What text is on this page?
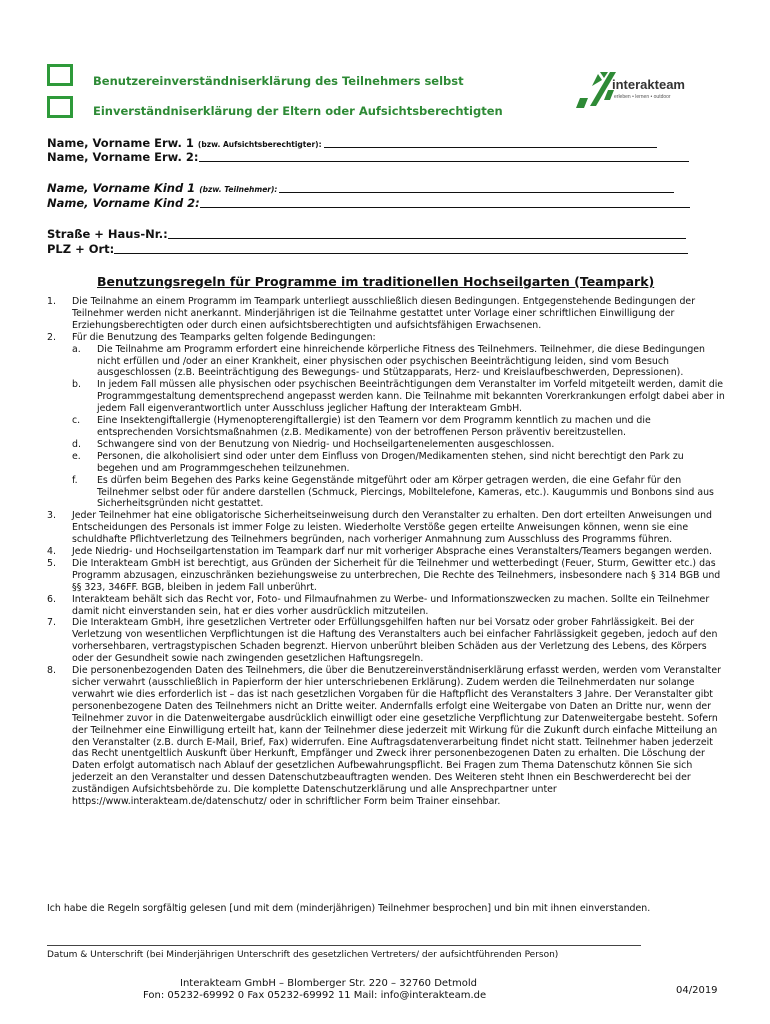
Benutzereinverständniserklärung des Teilnehmers selbst
Einverständniserklärung der Eltern oder Aufsichtsberechtigten
interakteam
erleben • lernen • outdoor
Name, Vorname Erw. 1 (bzw. Aufsichtsberechtigter):
Name, Vorname Erw. 2:
Name, Vorname Kind 1 (bzw. Teilnehmer):
Name, Vorname Kind 2:
Straße + Haus-Nr.:
PLZ + Ort:
Benutzungsregeln für Programme im traditionellen Hochseilgarten (Teampark)
1.	Die Teilnahme an einem Programm im Teampark unterliegt ausschließlich diesen Bedingungen. Entgegenstehende Bedingungen der Teilnehmer werden nicht anerkannt. Minderjährigen ist die Teilnahme gestattet unter Vorlage einer schriftlichen Einwilligung der Erziehungsberechtigten oder durch einen aufsichtsberechtigten und aufsichtsfähigen Erwachsenen.
2.	Für die Benutzung des Teamparks gelten folgende Bedingungen:
a.	Die Teilnahme am Programm erfordert eine hinreichende körperliche Fitness des Teilnehmers. Teilnehmer, die diese Bedingungen nicht erfüllen und /oder an einer Krankheit, einer physischen oder psychischen Beeinträchtigung leiden, sind vom Besuch ausgeschlossen (z.B. Beeinträchtigung des Bewegungs- und Stützapparats, Herz- und Kreislaufbeschwerden, Depressionen).
b.	In jedem Fall müssen alle physischen oder psychischen Beeinträchtigungen dem Veranstalter im Vorfeld mitgeteilt werden, damit die Programmgestaltung dementsprechend angepasst werden kann. Die Teilnahme mit bekannten Vorerkrankungen erfolgt dabei aber in jedem Fall eigenverantwortlich unter Ausschluss jeglicher Haftung der Interakteam GmbH.
c.	Eine Insektengiftallergie (Hymenopterengiftallergie) ist den Teamern vor dem Programm kenntlich zu machen und die entsprechenden Vorsichtsmaßnahmen (z.B. Medikamente) von der betroffenen Person präventiv bereitzustellen.
d.	Schwangere sind von der Benutzung von Niedrig- und Hochseilgartenelementen ausgeschlossen.
e.	Personen, die alkoholisiert sind oder unter dem Einfluss von Drogen/Medikamenten stehen, sind nicht berechtigt den Park zu begehen und am Programmgeschehen teilzunehmen.
f.	Es dürfen beim Begehen des Parks keine Gegenstände mitgeführt oder am Körper getragen werden, die eine Gefahr für den Teilnehmer selbst oder für andere darstellen (Schmuck, Piercings, Mobiltelefone, Kameras, etc.). Kaugummis und Bonbons sind aus Sicherheitsgründen nicht gestattet.
3.	Jeder Teilnehmer hat eine obligatorische Sicherheitseinweisung durch den Veranstalter zu erhalten. Den dort erteilten Anweisungen und Entscheidungen des Personals ist immer Folge zu leisten. Wiederholte Verstöße gegen erteilte Anweisungen können, wenn sie eine schuldhafte Pflichtverletzung des Teilnehmers begründen, nach vorheriger Anmahnung zum Ausschluss des Programms führen.
4.	Jede Niedrig- und Hochseilgartenstation im Teampark darf nur mit vorheriger Absprache eines Veranstalters/Teamers begangen werden.
5.	Die Interakteam GmbH ist berechtigt, aus Gründen der Sicherheit für die Teilnehmer und wetterbedingt (Feuer, Sturm, Gewitter etc.) das Programm abzusagen, einzuschränken beziehungsweise zu unterbrechen, Die Rechte des Teilnehmers, insbesondere nach § 314 BGB und §§ 323, 346FF. BGB, bleiben in jedem Fall unberührt.
6.	Interakteam behält sich das Recht vor, Foto- und Filmaufnahmen zu Werbe- und Informationszwecken zu machen. Sollte ein Teilnehmer damit nicht einverstanden sein, hat er dies vorher ausdrücklich mitzuteilen.
7.	Die Interakteam GmbH, ihre gesetzlichen Vertreter oder Erfüllungsgehilfen haften nur bei Vorsatz oder grober Fahrlässigkeit. Bei der Verletzung von wesentlichen Verpflichtungen ist die Haftung des Veranstalters auch bei einfacher Fahrlässigkeit gegeben, jedoch auf den vorhersehbaren, vertragstypischen Schaden begrenzt. Hiervon unberührt bleiben Schäden aus der Verletzung des Lebens, des Körpers oder der Gesundheit sowie nach zwingenden gesetzlichen Haftungsregeln.
8.	Die personenbezogenden Daten des Teilnehmers, die über die Benutzereinverständniserklärung erfasst werden, werden vom Veranstalter sicher verwahrt (ausschließlich in Papierform der hier unterschriebenen Erklärung). Zudem werden die Teilnehmerdaten nur solange verwahrt wie dies erforderlich ist – das ist nach gesetzlichen Vorgaben für die Haftpflicht des Veranstalters 3 Jahre. Der Veranstalter gibt personenbezogene Daten des Teilnehmers nicht an Dritte weiter. Andernfalls erfolgt eine Weitergabe von Daten an Dritte nur, wenn der Teilnehmer zuvor in die Datenweitergabe ausdrücklich einwilligt oder eine gesetzliche Verpflichtung zur Datenweitergabe besteht. Sofern der Teilnehmer eine Einwilligung erteilt hat, kann der Teilnehmer diese jederzeit mit Wirkung für die Zukunft durch einfache Mitteilung an den Veranstalter (z.B. durch E-Mail, Brief, Fax) widerrufen. Eine Auftragsdatenverarbeitung findet nicht statt. Teilnehmer haben jederzeit das Recht unentgeltlich Auskunft über Herkunft, Empfänger und Zweck ihrer personenbezogenen Daten zu erhalten. Die Löschung der Daten erfolgt automatisch nach Ablauf der gesetzlichen Aufbewahrungspflicht. Bei Fragen zum Thema Datenschutz können Sie sich jederzeit an den Veranstalter und dessen Datenschutzbeauftragten wenden. Des Weiteren steht Ihnen ein Beschwerderecht bei der zuständigen Aufsichtsbehörde zu. Die komplette Datenschutzerklärung und alle Ansprechpartner unter https://www.interakteam.de/datenschutz/ oder in schriftlicher Form beim Trainer einsehbar.
Ich habe die Regeln sorgfältig gelesen [und mit dem (minderjährigen) Teilnehmer besprochen] und bin mit ihnen einverstanden.
Datum & Unterschrift (bei Minderjährigen Unterschrift des gesetzlichen Vertreters/ der aufsichtführenden Person)
Interakteam GmbH – Blomberger Str. 220 – 32760 Detmold
Fon: 05232-69992 0 Fax 05232-69992 11 Mail: info@interakteam.de	04/2019
